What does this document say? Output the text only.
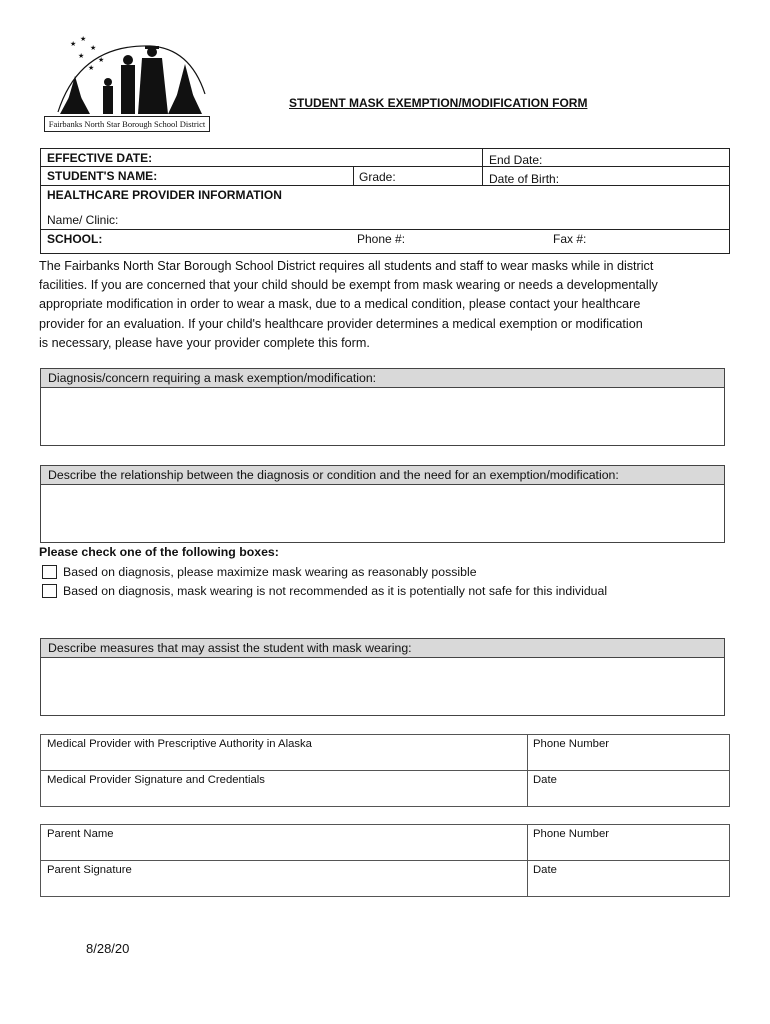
★
★
★
★
★
★
Fairbanks North Star Borough School District
STUDENT MASK EXEMPTION/MODIFICATION FORM
EFFECTIVE DATE:	End Date:
STUDENT'S NAME:	Grade:	Date of Birth:
HEALTHCARE PROVIDER INFORMATION
Name/ Clinic:
SCHOOL:	Phone #:	Fax #:

The Fairbanks North Star Borough School District requires all students and staff to wear masks while in district

facilities. If you are concerned that your child should be exempt from mask wearing or needs a developmentally

appropriate modification in order to wear a mask, due to a medical condition, please contact your healthcare

provider for an evaluation. If your child's healthcare provider determines a medical exemption or modification

is necessary, please have your provider complete this form.

Diagnosis/concern requiring a mask exemption/modification:
Describe the relationship between the diagnosis or condition and the need for an exemption/modification:
Please check one of the following boxes:
Based on diagnosis, please maximize mask wearing as reasonably possible
Based on diagnosis, mask wearing is not recommended as it is potentially not safe for this individual
Describe measures that may assist the student with mask wearing:
Medical Provider with Prescriptive Authority in Alaska	Phone Number
Medical Provider Signature and Credentials	Date
Parent Name	Phone Number
Parent Signature	Date
8/28/20
